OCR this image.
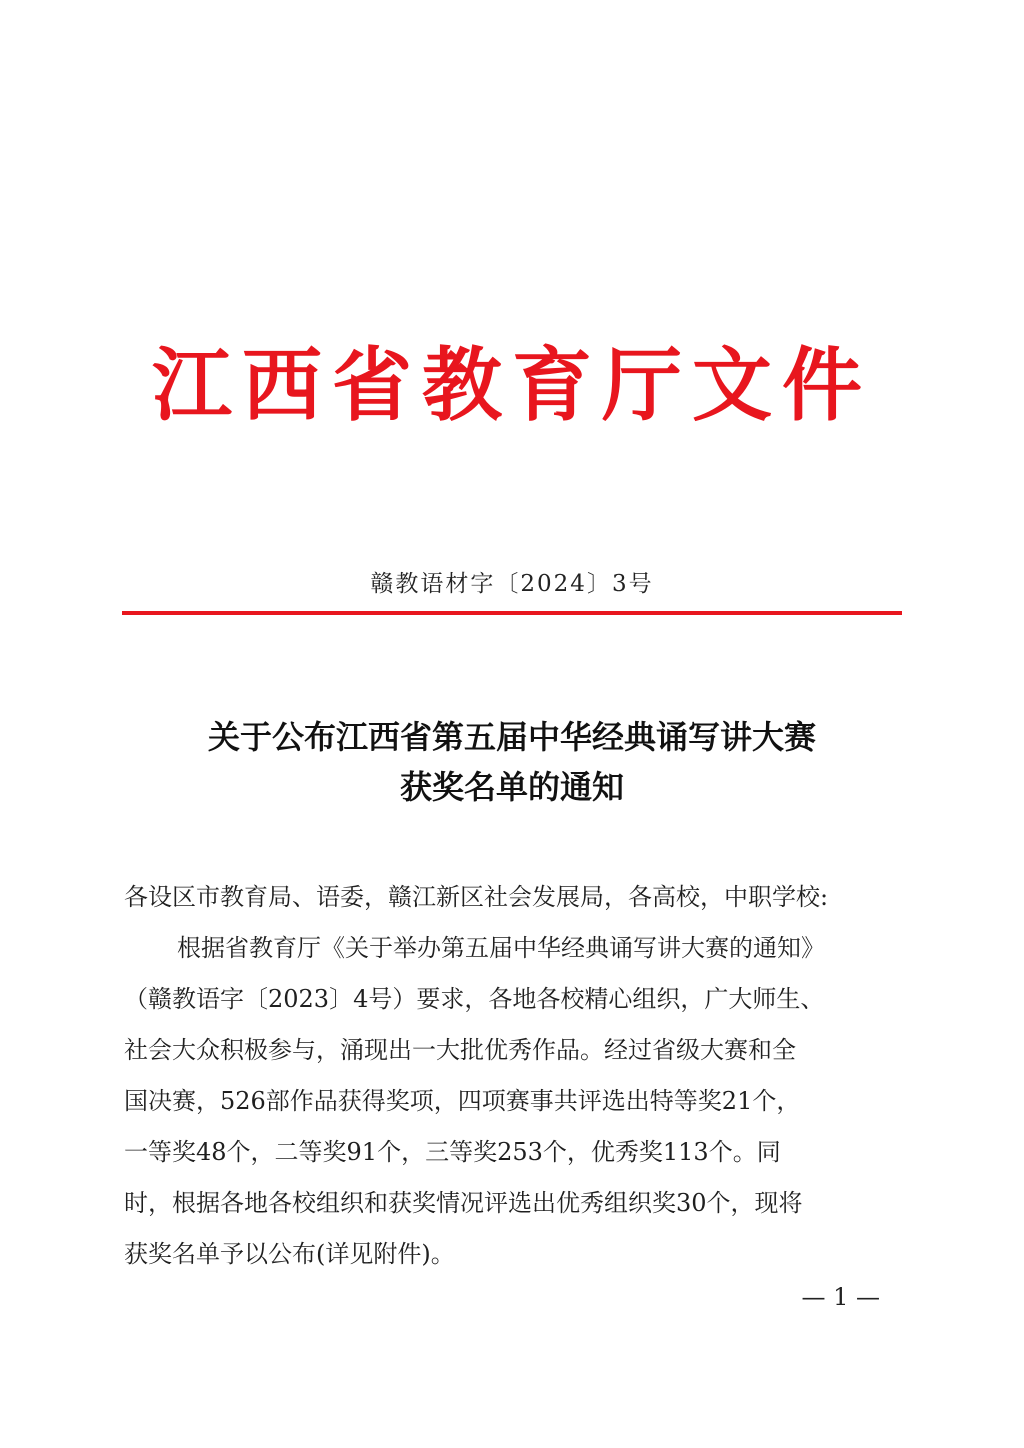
江西省教育厅文件
赣教语材字〔2024〕3号
关于公布江西省第五届中华经典诵写讲大赛
获奖名单的通知
各设区市教育局、语委，赣江新区社会发展局，各高校，中职学校:
根据省教育厅《关于举办第五届中华经典诵写讲大赛的通知》
（赣教语字〔2023〕4号）要求，各地各校精心组织，广大师生、
社会大众积极参与，涌现出一大批优秀作品。经过省级大赛和全
国决赛，526部作品获得奖项，四项赛事共评选出特等奖21个，
一等奖48个，二等奖91个，三等奖253个，优秀奖113个。同
时，根据各地各校组织和获奖情况评选出优秀组织奖30个，现将
获奖名单予以公布(详见附件)。
— 1 —
